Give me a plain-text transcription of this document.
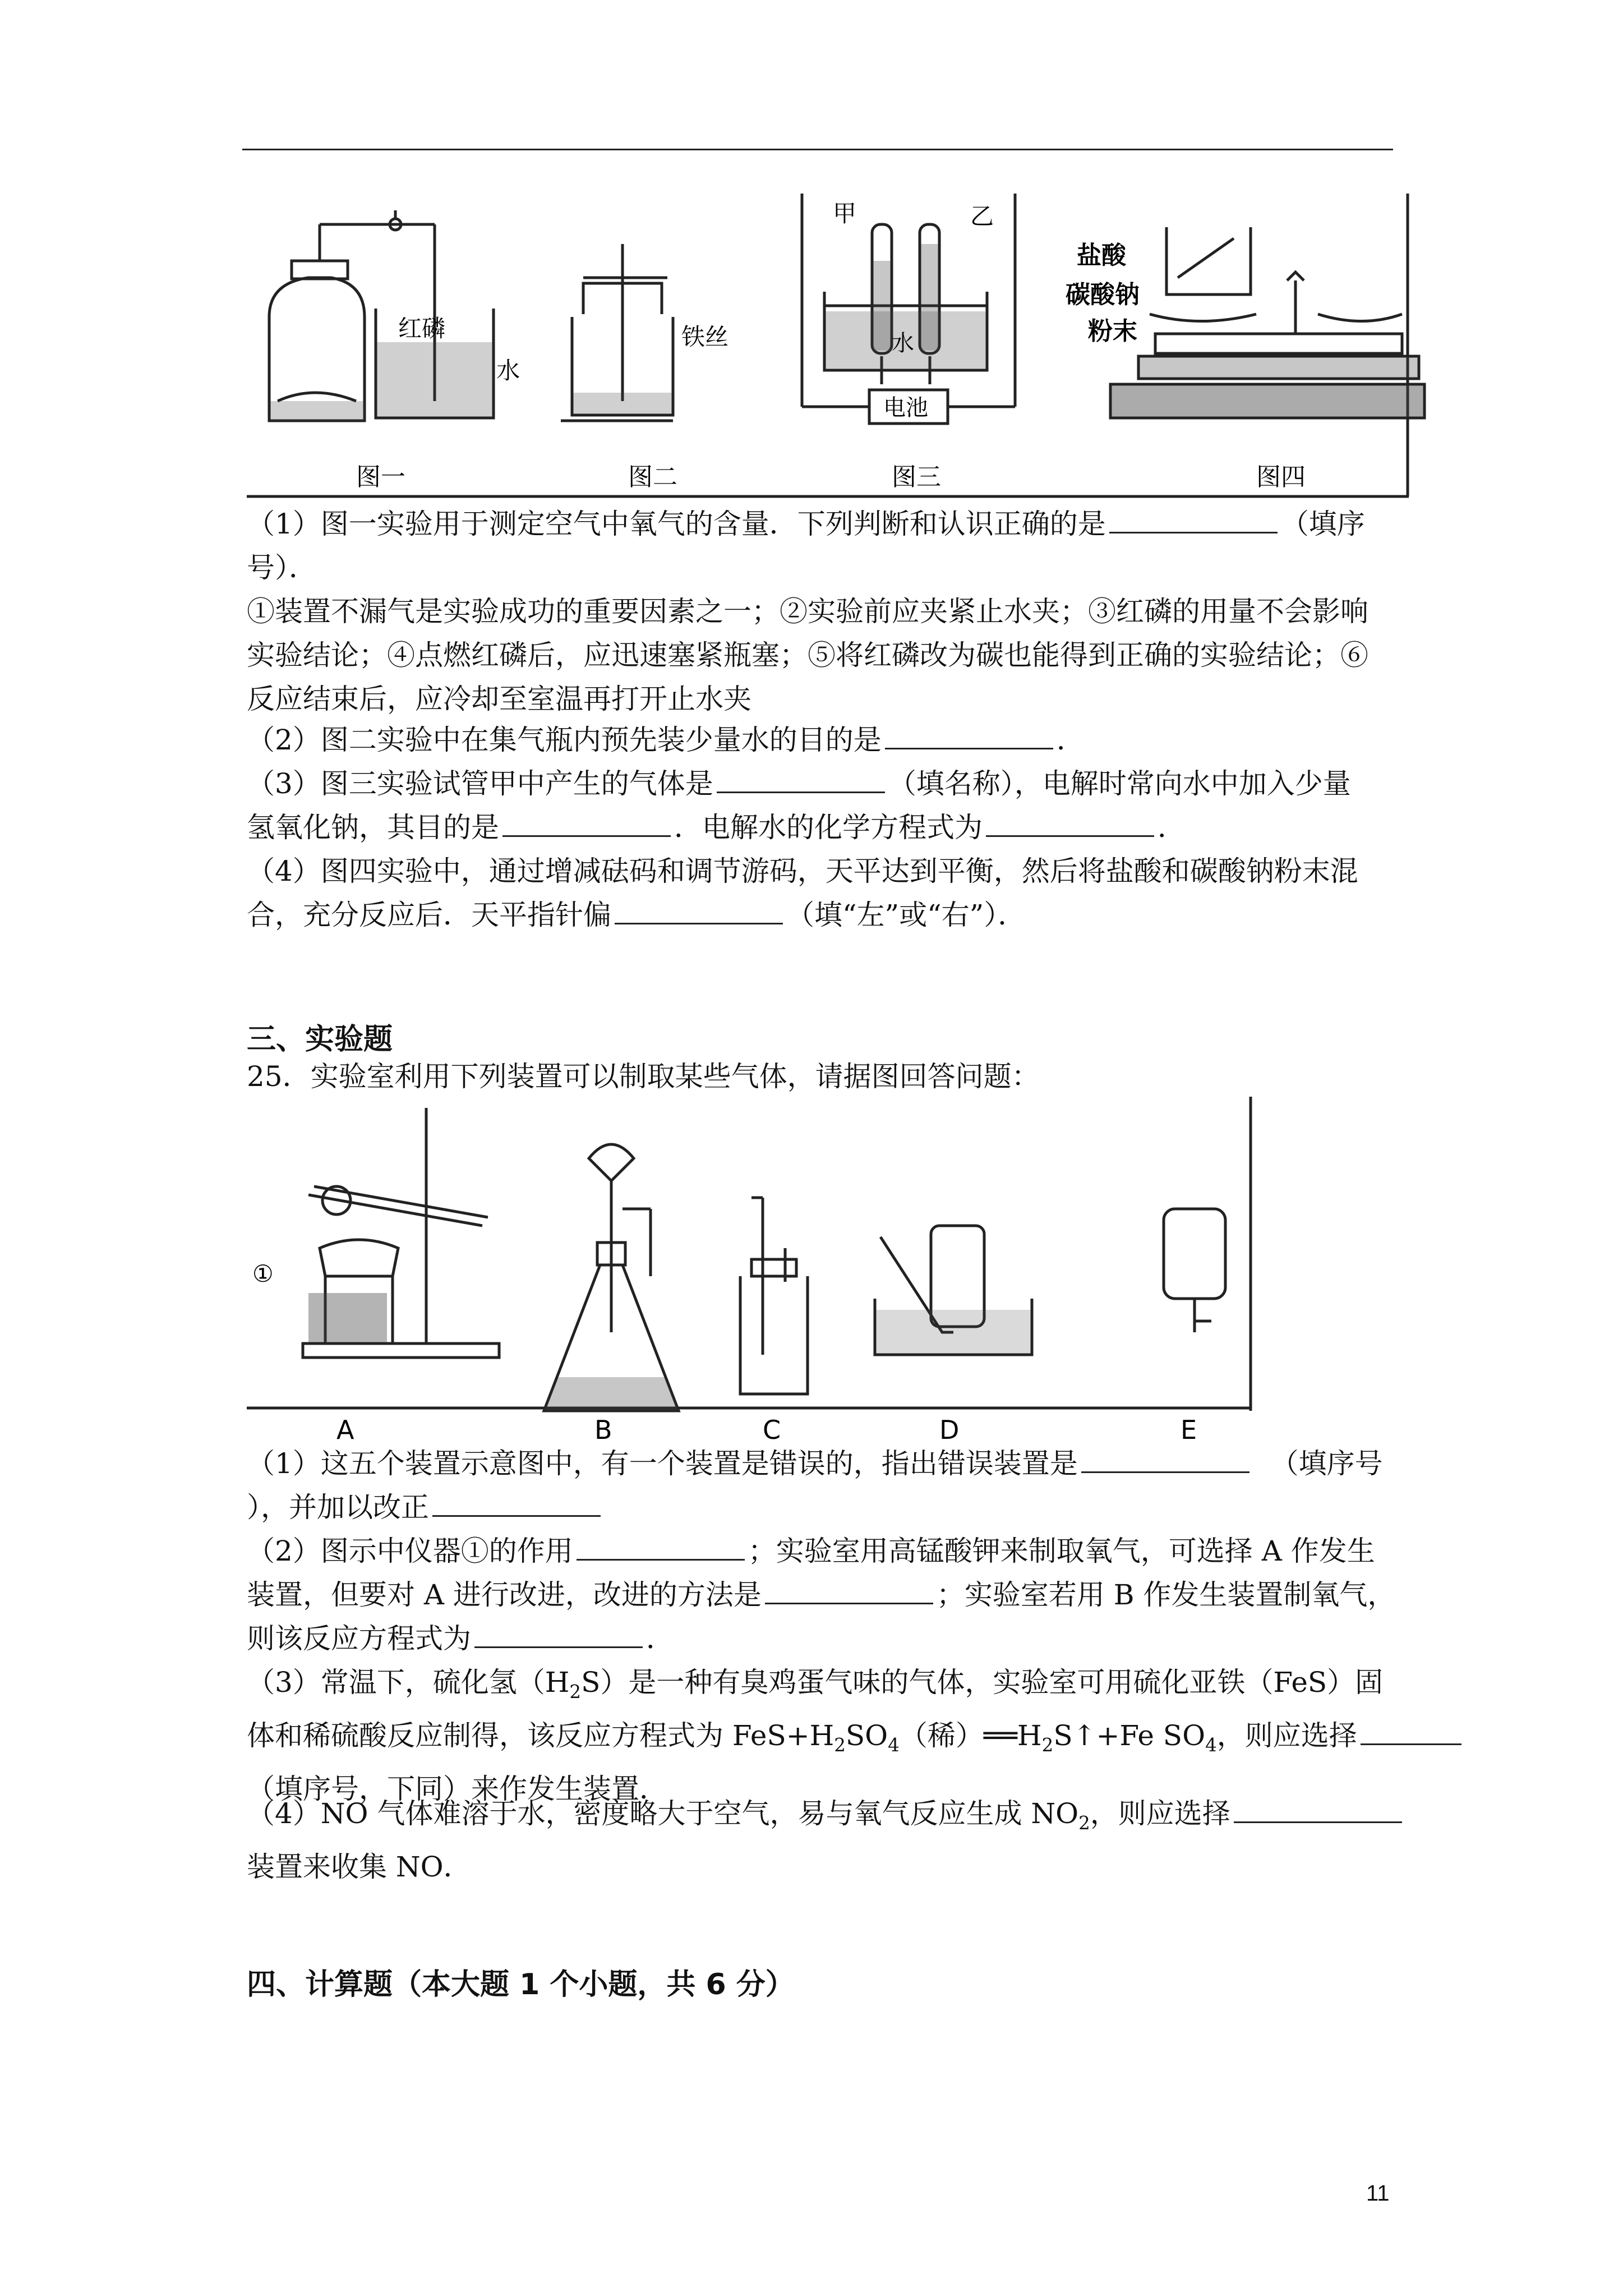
红磷
水
铁丝
甲	乙
水
电池
盐酸
碳酸钠
粉末
图一	图二	图三	图四
（1）图一实验用于测定空气中氧气的含量．下列判断和认识正确的是	（填序
号）．
①装置不漏气是实验成功的重要因素之一；②实验前应夹紧止水夹；③红磷的用量不会影响
实验结论；④点燃红磷后，应迅速塞紧瓶塞；⑤将红磷改为碳也能得到正确的实验结论；⑥
反应结束后，应冷却至室温再打开止水夹
（2）图二实验中在集气瓶内预先装少量水的目的是	．
（3）图三实验试管甲中产生的气体是	（填名称），电解时常向水中加入少量
氢氧化钠，其目的是	．电解水的化学方程式为	．
（4）图四实验中，通过增减砝码和调节游码，天平达到平衡，然后将盐酸和碳酸钠粉末混
合，充分反应后．天平指针偏	（填“左”或“右”）．
三、实验题
25．实验室利用下列装置可以制取某些气体，请据图回答问题：
①
A	B	C	D	E
（1）这五个装置示意图中，有一个装置是错误的，指出错误装置是	（填序号
），并加以改正
（2）图示中仪器①的作用	；实验室用高锰酸钾来制取氧气，可选择 A 作发生
装置，但要对 A 进行改进，改进的方法是	；实验室若用 B 作发生装置制氧气，
则该反应方程式为	．
（3）常温下，硫化氢$(H_2S)$是一种有臭鸡蛋气味的气体，实验室可用硫化亚铁（FeS）固
体和稀硫酸反应制得，该反应方程式为 $FeS+H_2SO_4$（稀）$══H_2S↑+Fe$ $SO_4$，则应选择
（填序号，下同）来作发生装置．
（4）NO 气体难溶于水，密度略大于空气，易与氧气反应生成 $NO_2$，则应选择
装置来收集 NO．
四、计算题（本大题 1 个小题，共 6 分）
11
